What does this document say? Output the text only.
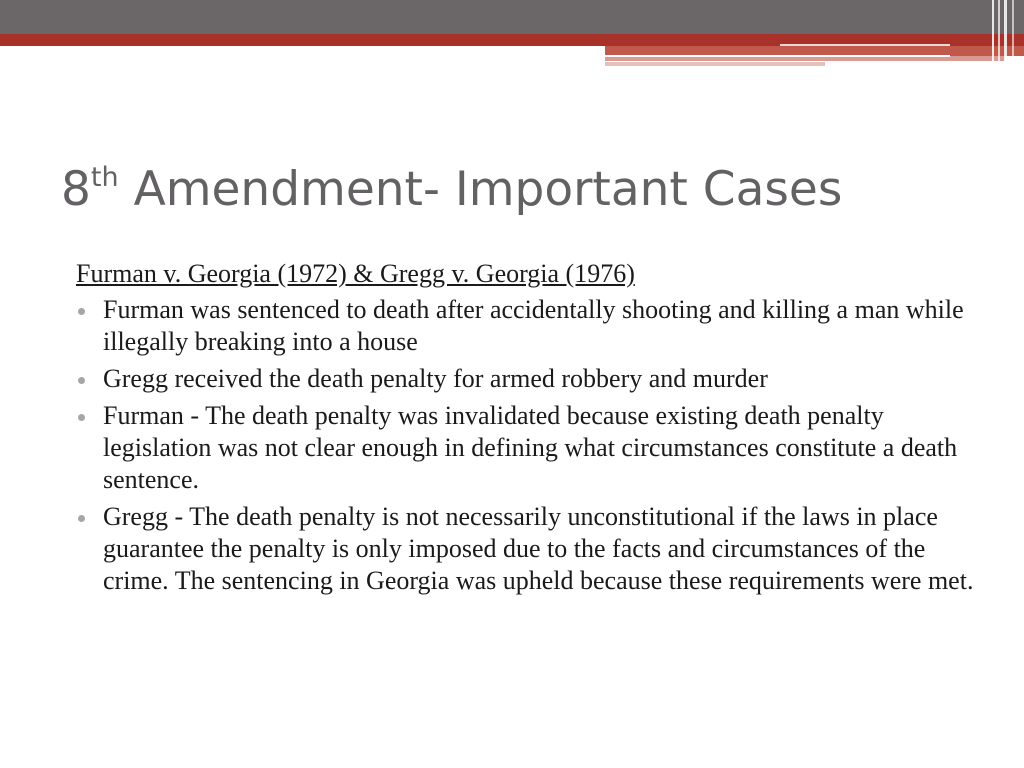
8th Amendment- Important Cases
Furman v. Georgia (1972) & Gregg v. Georgia (1976)
Furman was sentenced to death after accidentally shooting and killing a man while illegally breaking into a house
Gregg received the death penalty for armed robbery and murder
Furman - The death penalty was invalidated because existing death penalty legislation was not clear enough in defining what circumstances constitute a death sentence.
Gregg - The death penalty is not necessarily unconstitutional if the laws in place guarantee the penalty is only imposed due to the facts and circumstances of the crime. The sentencing in Georgia was upheld because these requirements were met.
